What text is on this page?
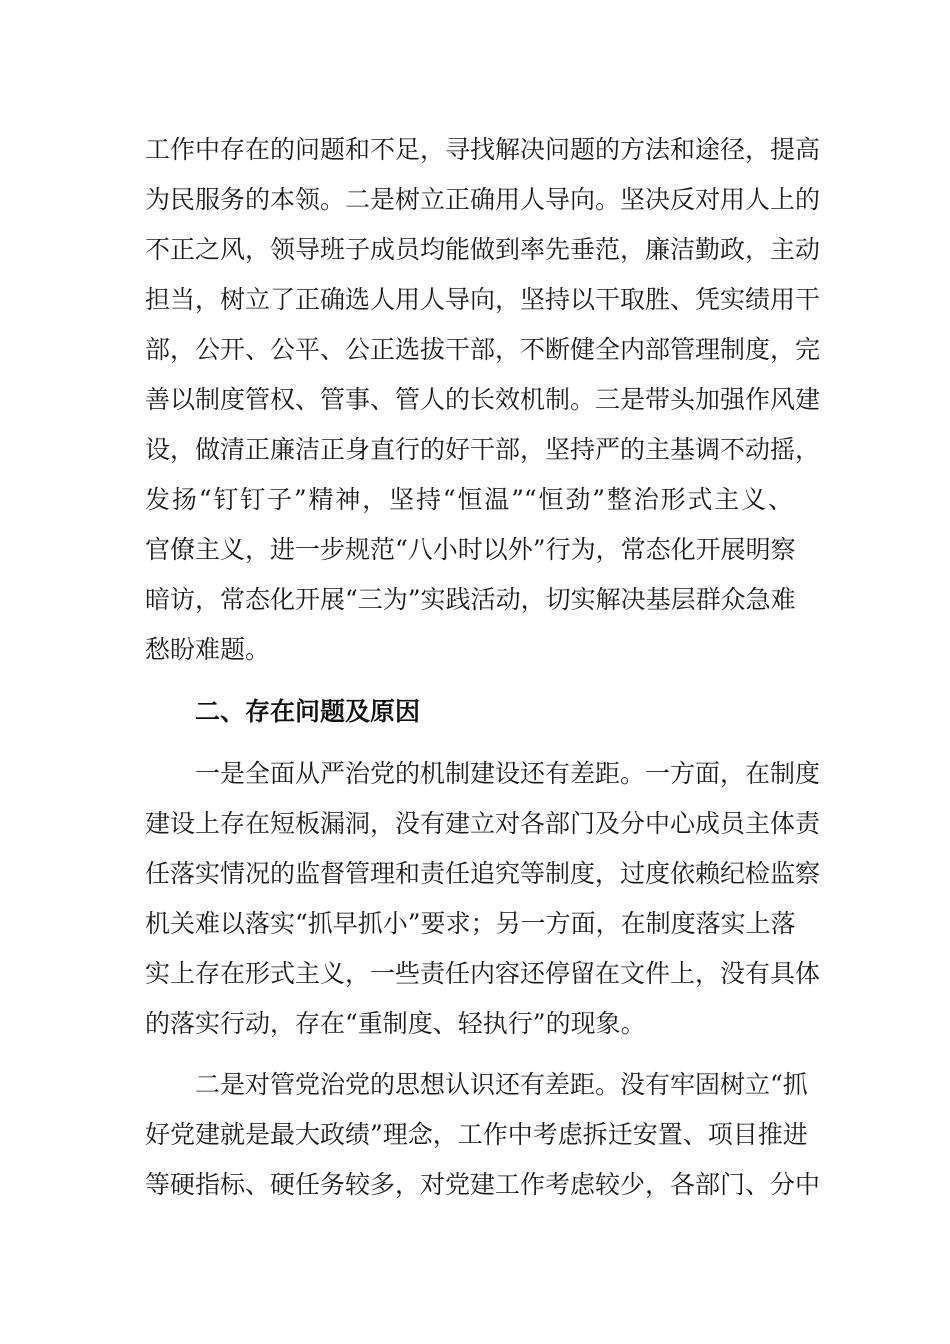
工作中存在的问题和不足，寻找解决问题的方法和途径，提高
为民服务的本领。二是树立正确用人导向。坚决反对用人上的
不正之风，领导班子成员均能做到率先垂范，廉洁勤政，主动
担当，树立了正确选人用人导向，坚持以干取胜、凭实绩用干
部，公开、公平、公正选拔干部，不断健全内部管理制度，完
善以制度管权、管事、管人的长效机制。三是带头加强作风建
设，做清正廉洁正身直行的好干部，坚持严的主基调不动摇，
发扬“钉钉子”精神，坚持“恒温”“恒劲”整治形式主义、
官僚主义，进一步规范“八小时以外”行为，常态化开展明察
暗访，常态化开展“三为”实践活动，切实解决基层群众急难
愁盼难题。
二、存在问题及原因
一是全面从严治党的机制建设还有差距。一方面，在制度
建设上存在短板漏洞，没有建立对各部门及分中心成员主体责
任落实情况的监督管理和责任追究等制度，过度依赖纪检监察
机关难以落实“抓早抓小”要求；另一方面，在制度落实上落
实上存在形式主义，一些责任内容还停留在文件上，没有具体
的落实行动，存在“重制度、轻执行”的现象。
二是对管党治党的思想认识还有差距。没有牢固树立“抓
好党建就是最大政绩”理念，工作中考虑拆迁安置、项目推进
等硬指标、硬任务较多，对党建工作考虑较少，各部门、分中
